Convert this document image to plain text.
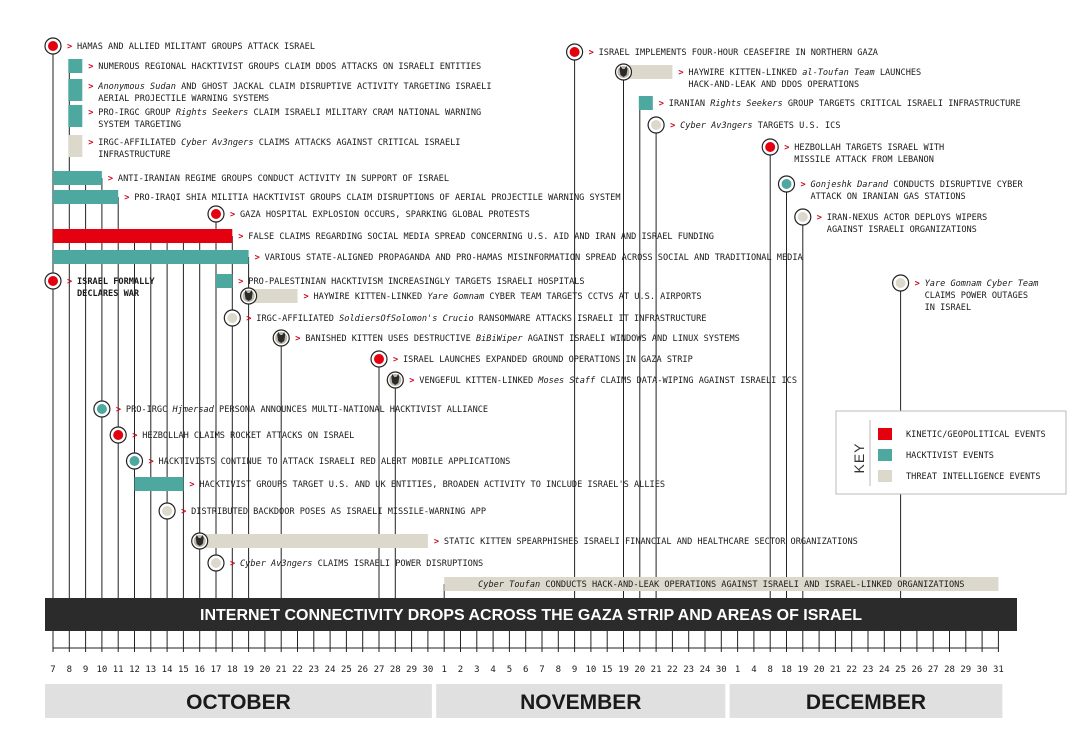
> HAMAS AND ALLIED MILITANT GROUPS ATTACK ISRAEL
> NUMEROUS REGIONAL HACKTIVIST GROUPS CLAIM DDOS ATTACKS ON ISRAELI ENTITIES
> Anonymous Sudan AND GHOST JACKAL CLAIM DISRUPTIVE ACTIVITY TARGETING ISRAELI AERIAL PROJECTILE WARNING SYSTEMS
> PRO-IRGC GROUP Rights Seekers CLAIM ISRAELI MILITARY CRAM NATIONAL WARNING SYSTEM TARGETING
> IRGC-AFFILIATED Cyber Av3ngers CLAIMS ATTACKS AGAINST CRITICAL ISRAELI INFRASTRUCTURE
> ANTI-IRANIAN REGIME GROUPS CONDUCT ACTIVITY IN SUPPORT OF ISRAEL
> PRO-IRAQI SHIA MILITIA HACKTIVIST GROUPS CLAIM DISRUPTIONS OF AERIAL PROJECTILE WARNING SYSTEM
> GAZA HOSPITAL EXPLOSION OCCURS, SPARKING GLOBAL PROTESTS
> FALSE CLAIMS REGARDING SOCIAL MEDIA SPREAD CONCERNING U.S. AID AND IRAN AND ISRAEL FUNDING
> VARIOUS STATE-ALIGNED PROPAGANDA AND PRO-HAMAS MISINFORMATION SPREAD ACROSS SOCIAL AND TRADITIONAL MEDIA
> ISRAEL FORMALLY DECLARES WAR
> PRO-PALESTINIAN HACKTIVISM INCREASINGLY TARGETS ISRAELI HOSPITALS
> HAYWIRE KITTEN-LINKED Yare Gomnam CYBER TEAM TARGETS CCTVS AT U.S. AIRPORTS
> IRGC-AFFILIATED SoldiersOfSolomon's Crucio RANSOMWARE ATTACKS ISRAELI IT INFRASTRUCTURE
> BANISHED KITTEN USES DESTRUCTIVE BiBiWiper AGAINST ISRAELI WINDOWS AND LINUX SYSTEMS
> ISRAEL LAUNCHES EXPANDED GROUND OPERATIONS IN GAZA STRIP
> VENGEFUL KITTEN-LINKED Moses Staff CLAIMS DATA-WIPING AGAINST ISRAELI ICS
> PRO-IRGC Hjmersad PERSONA ANNOUNCES MULTI-NATIONAL HACKTIVIST ALLIANCE
> HEZBOLLAH CLAIMS ROCKET ATTACKS ON ISRAEL
> HACKTIVISTS CONTINUE TO ATTACK ISRAELI RED ALERT MOBILE APPLICATIONS
> HACKTIVIST GROUPS TARGET U.S. AND UK ENTITIES, BROADEN ACTIVITY TO INCLUDE ISRAEL'S ALLIES
> DISTRIBUTED BACKDOOR POSES AS ISRAELI MISSILE-WARNING APP
> STATIC KITTEN SPEARPHISHES ISRAELI FINANCIAL AND HEALTHCARE SECTOR ORGANIZATIONS
> Cyber Av3ngers CLAIMS ISRAELI POWER DISRUPTIONS
Cyber Toufan CONDUCTS HACK-AND-LEAK OPERATIONS AGAINST ISRAELI AND ISRAEL-LINKED ORGANIZATIONS
> ISRAEL IMPLEMENTS FOUR-HOUR CEASEFIRE IN NORTHERN GAZA
> HAYWIRE KITTEN-LINKED al-Toufan Team LAUNCHES HACK-AND-LEAK AND DDOS OPERATIONS
> IRANIAN Rights Seekers GROUP TARGETS CRITICAL ISRAELI INFRASTRUCTURE
> Cyber Av3ngers TARGETS U.S. ICS
> HEZBOLLAH TARGETS ISRAEL WITH MISSILE ATTACK FROM LEBANON
> Gonjeshk Darand CONDUCTS DISRUPTIVE CYBER ATTACK ON IRANIAN GAS STATIONS
> IRAN-NEXUS ACTOR DEPLOYS WIPERS AGAINST ISRAELI ORGANIZATIONS
> Yare Gomnam Cyber Team CLAIMS POWER OUTAGES IN ISRAEL
INTERNET CONNECTIVITY DROPS ACROSS THE GAZA STRIP AND AREAS OF ISRAEL
7 8 9 10 11 12 13 14 15 16 17 18 19 20 21 22 23 24 25 26 27 28 29 30 1 2 3 4 5 6 7 8 9 10 15 19 20 21 22 23 24 30 1 4 8 18 19 20 21 22 23 24 25 26 27 28 29 30 31
OCTOBER	NOVEMBER	DECEMBER
KEY
KINETIC/GEOPOLITICAL EVENTS
HACKTIVIST EVENTS
THREAT INTELLIGENCE EVENTS
